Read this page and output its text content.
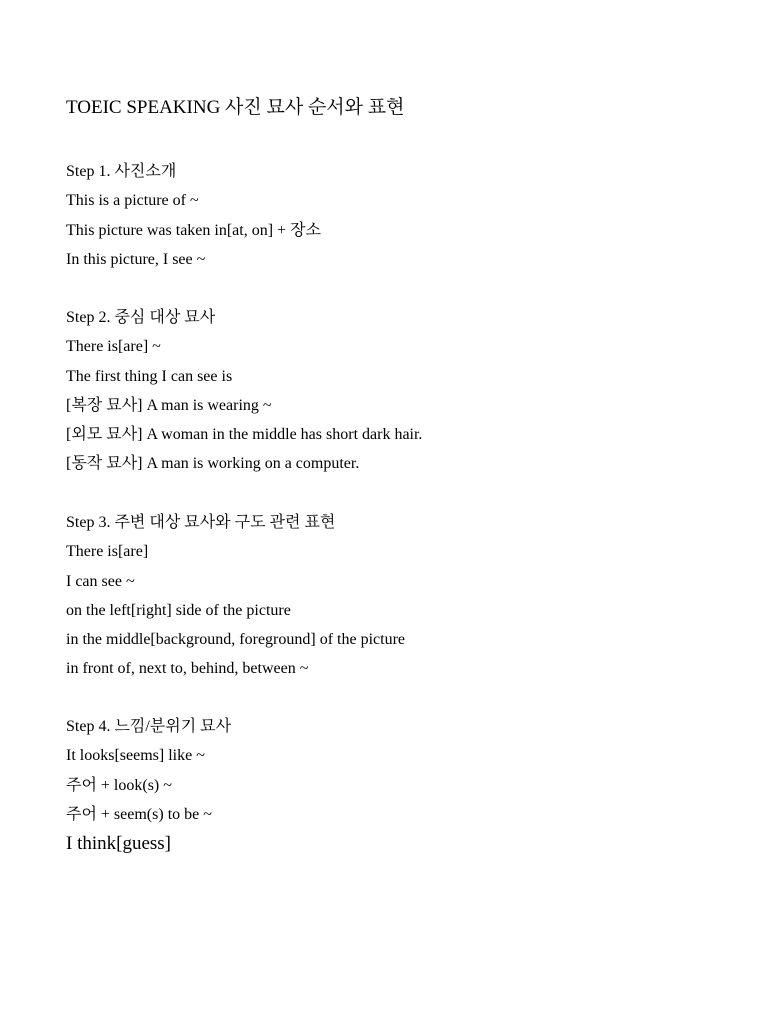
TOEIC SPEAKING 사진 묘사 순서와 표현
Step 1. 사진소개
This is a picture of ~
This picture was taken in[at, on] + 장소
In this picture, I see ~
Step 2. 중심 대상 묘사
There is[are] ~
The first thing I can see is
[복장 묘사] A man is wearing ~
[외모 묘사] A woman in the middle has short dark hair.
[동작 묘사] A man is working on a computer.
Step 3. 주변 대상 묘사와 구도 관련 표현
There is[are]
I can see ~
on the left[right] side of the picture
in the middle[background, foreground] of the picture
in front of, next to, behind, between ~
Step 4. 느낌/분위기 묘사
It looks[seems] like ~
주어 + look(s) ~
주어 + seem(s) to be ~
I think[guess]
